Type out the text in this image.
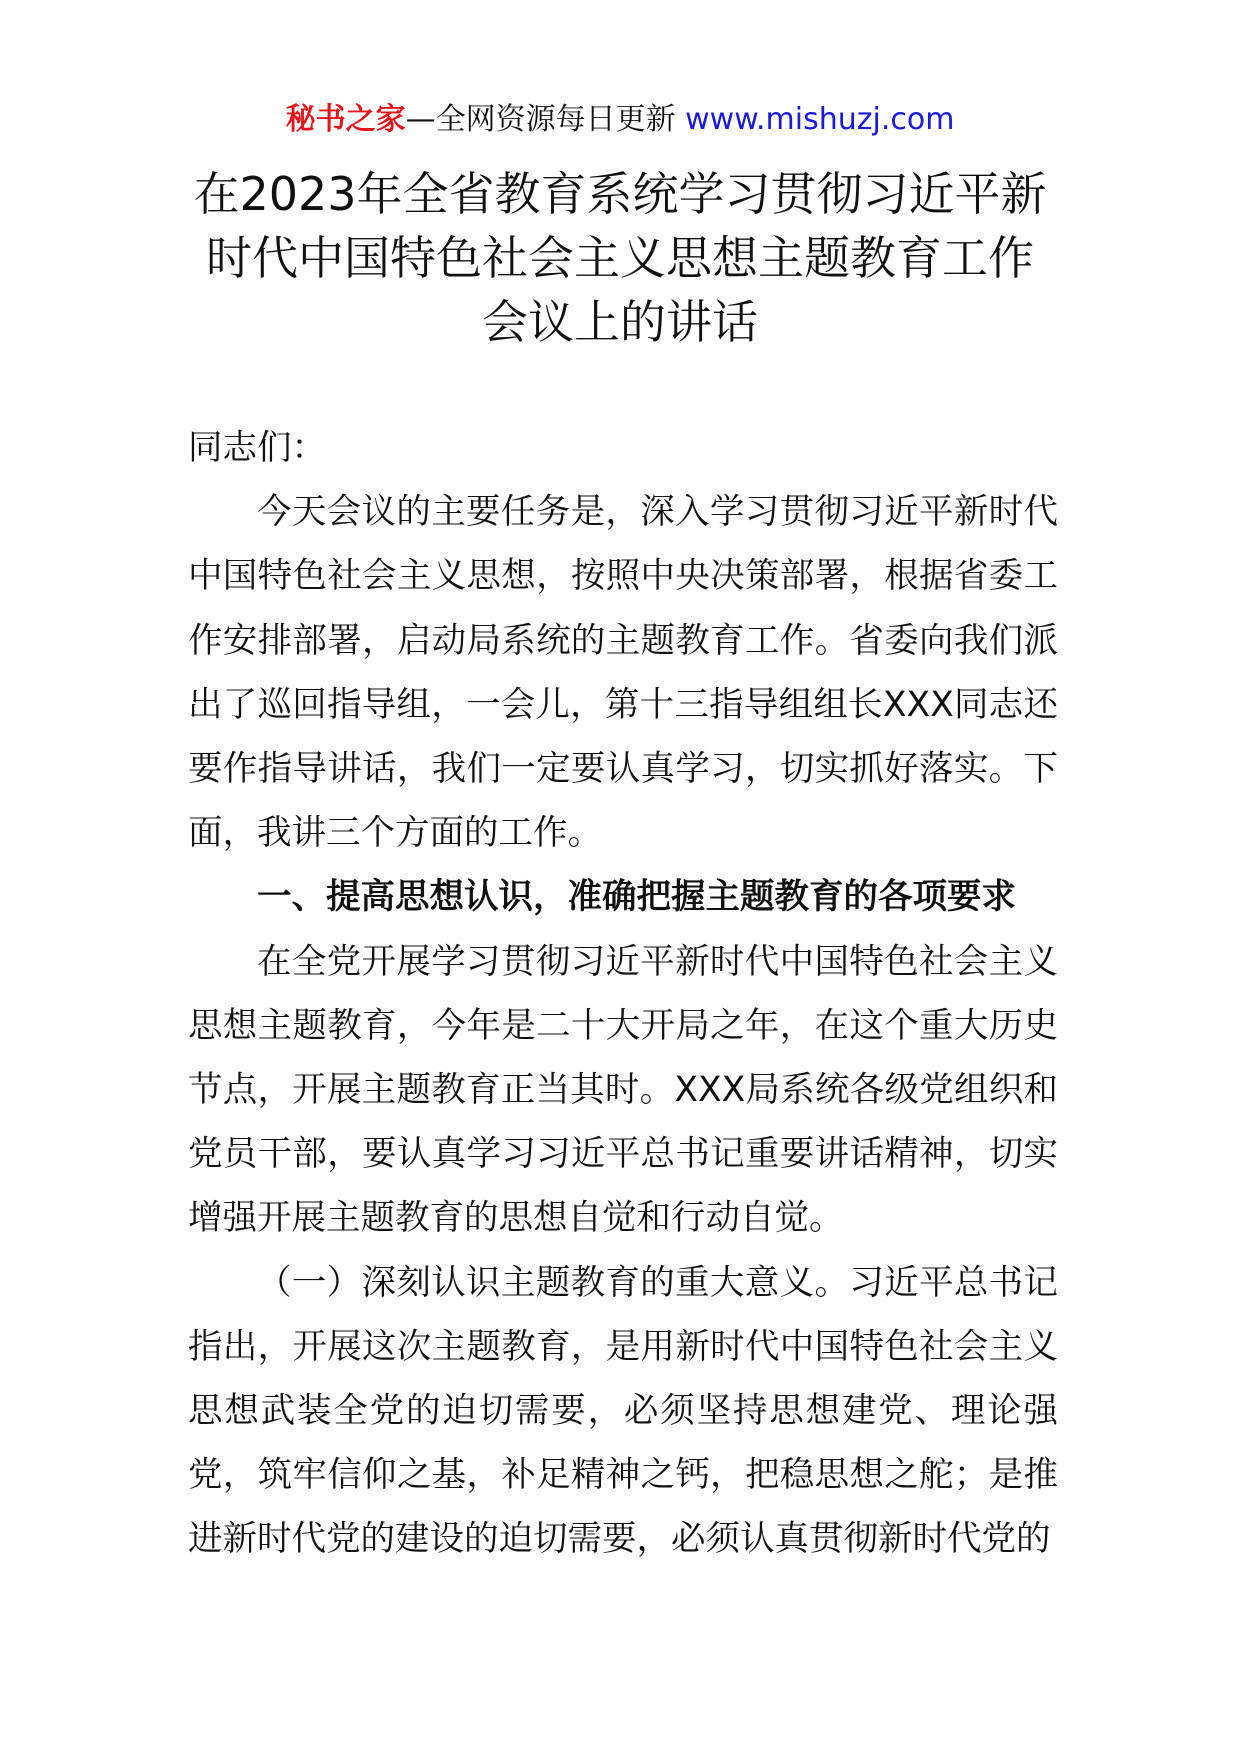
秘书之家—全网资源每日更新 www.mishuzj.com
在2023年全省教育系统学习贯彻习近平新
时代中国特色社会主义思想主题教育工作
会议上的讲话

同志们：

今天会议的主要任务是，深入学习贯彻习近平新时代中国特色社会主义思想，按照中央决策部署，根据省委工作安排部署，启动局系统的主题教育工作。省委向我们派出了巡回指导组，一会儿，第十三指导组组长XXX同志还要作指导讲话，我们一定要认真学习，切实抓好落实。下面，我讲三个方面的工作。

一、提高思想认识，准确把握主题教育的各项要求

在全党开展学习贯彻习近平新时代中国特色社会主义思想主题教育，今年是二十大开局之年，在这个重大历史节点，开展主题教育正当其时。XXX局系统各级党组织和党员干部，要认真学习习近平总书记重要讲话精神，切实增强开展主题教育的思想自觉和行动自觉。

（一）深刻认识主题教育的重大意义。习近平总书记指出，开展这次主题教育，是用新时代中国特色社会主义思想武装全党的迫切需要，必须坚持思想建党、理论强党，筑牢信仰之基，补足精神之钙，把稳思想之舵；是推进新时代党的建设的迫切需要，必须认真贯彻新时代党的
